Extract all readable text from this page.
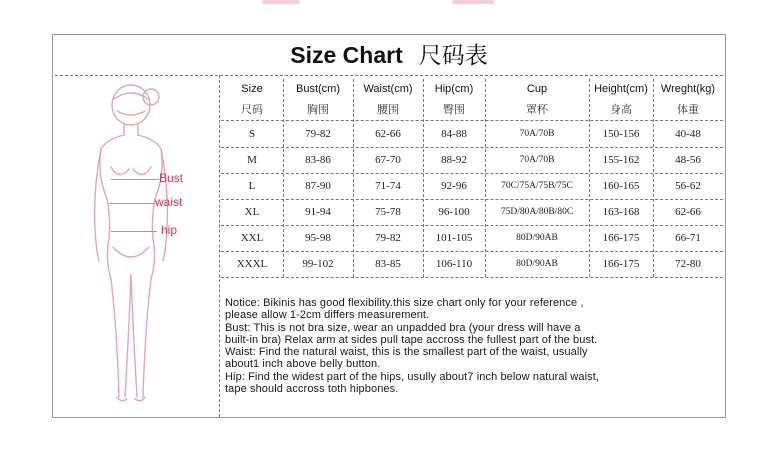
Size Chart 尺码表
Bust
waist
hip
Size	Bust(cm)	Waist(cm)	Hip(cm)	Cup	Height(cm)	Wreght(kg)
尺码	胸围	腰围	臀围	罩杯	身高	体重
S	79-82	62-66	84-88	70A/70B	150-156	40-48
M	83-86	67-70	88-92	70A/70B	155-162	48-56
L	87-90	71-74	92-96	70C/75A/75B/75C	160-165	56-62
XL	91-94	75-78	96-100	75D/80A/80B/80C	163-168	62-66
XXL	95-98	79-82	101-105	80D/90AB	166-175	66-71
XXXL	99-102	83-85	106-110	80D/90AB	166-175	72-80
Notice: Bikinis has good flexibility.this size chart only for your reference ,
please allow 1-2cm differs measurement.
Bust: This is not bra size, wear an unpadded bra (your dress will have a
built-in bra) Relax arm at sides pull tape accross the fullest part of the bust.
Waist: Find the natural waist, this is the smallest part of the waist, usually
about1 inch above belly button.
Hip: Find the widest part of the hips, usully about7 inch below natural waist,
tape should accross toth hipbones.
